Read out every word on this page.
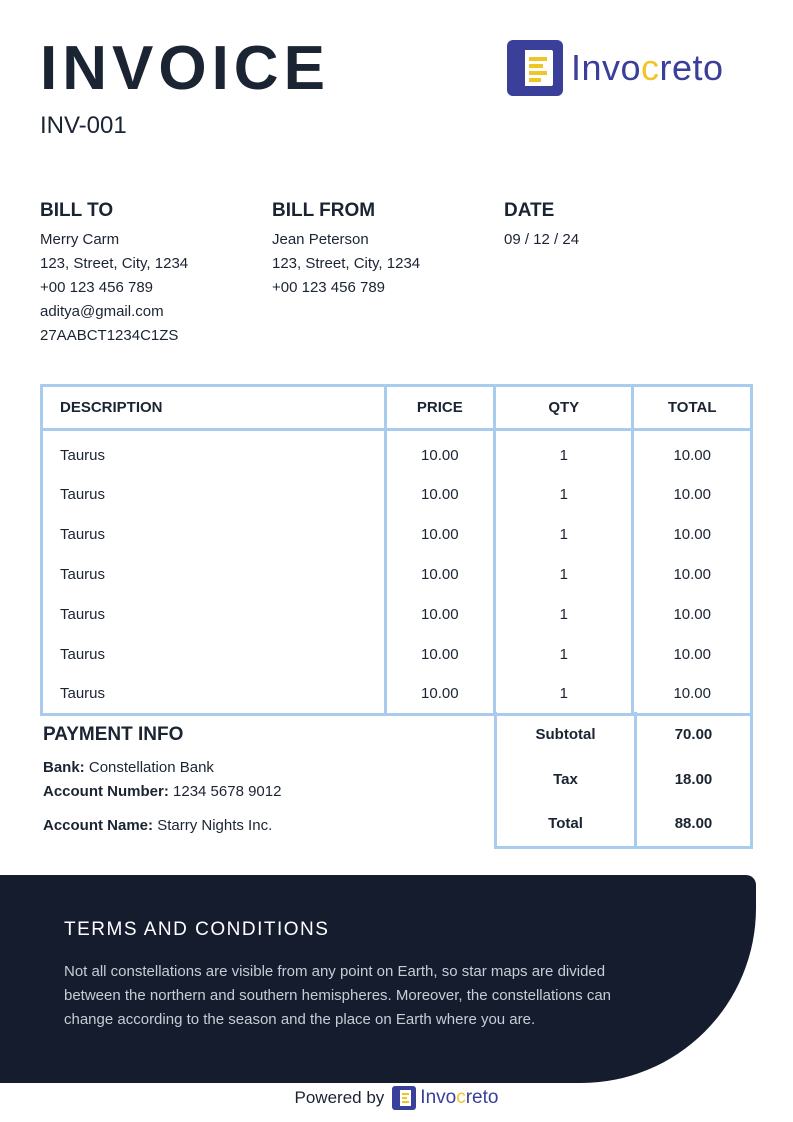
INVOICE
INV-001
Invocreto
BILL TO
Merry Carm
123, Street, City, 1234
+00 123 456 789
aditya@gmail.com
27AABCT1234C1ZS
BILL FROM
Jean Peterson
123, Street, City, 1234
+00 123 456 789
DATE
09 / 12 / 24
DESCRIPTION	PRICE	QTY	TOTAL
Taurus	10.00	1	10.00
Taurus	10.00	1	10.00
Taurus	10.00	1	10.00
Taurus	10.00	1	10.00
Taurus	10.00	1	10.00
Taurus	10.00	1	10.00
Taurus	10.00	1	10.00
PAYMENT INFO
Bank: Constellation Bank
Account Number: 1234 5678 9012
Account Name: Starry Nights Inc.
Subtotal	70.00
Tax	18.00
Total	88.00
TERMS AND CONDITIONS

Not all constellations are visible from any point on Earth, so star maps are divided between the northern and southern hemispheres. Moreover, the constellations can change according to the season and the place on Earth where you are.

Powered by Invocreto
